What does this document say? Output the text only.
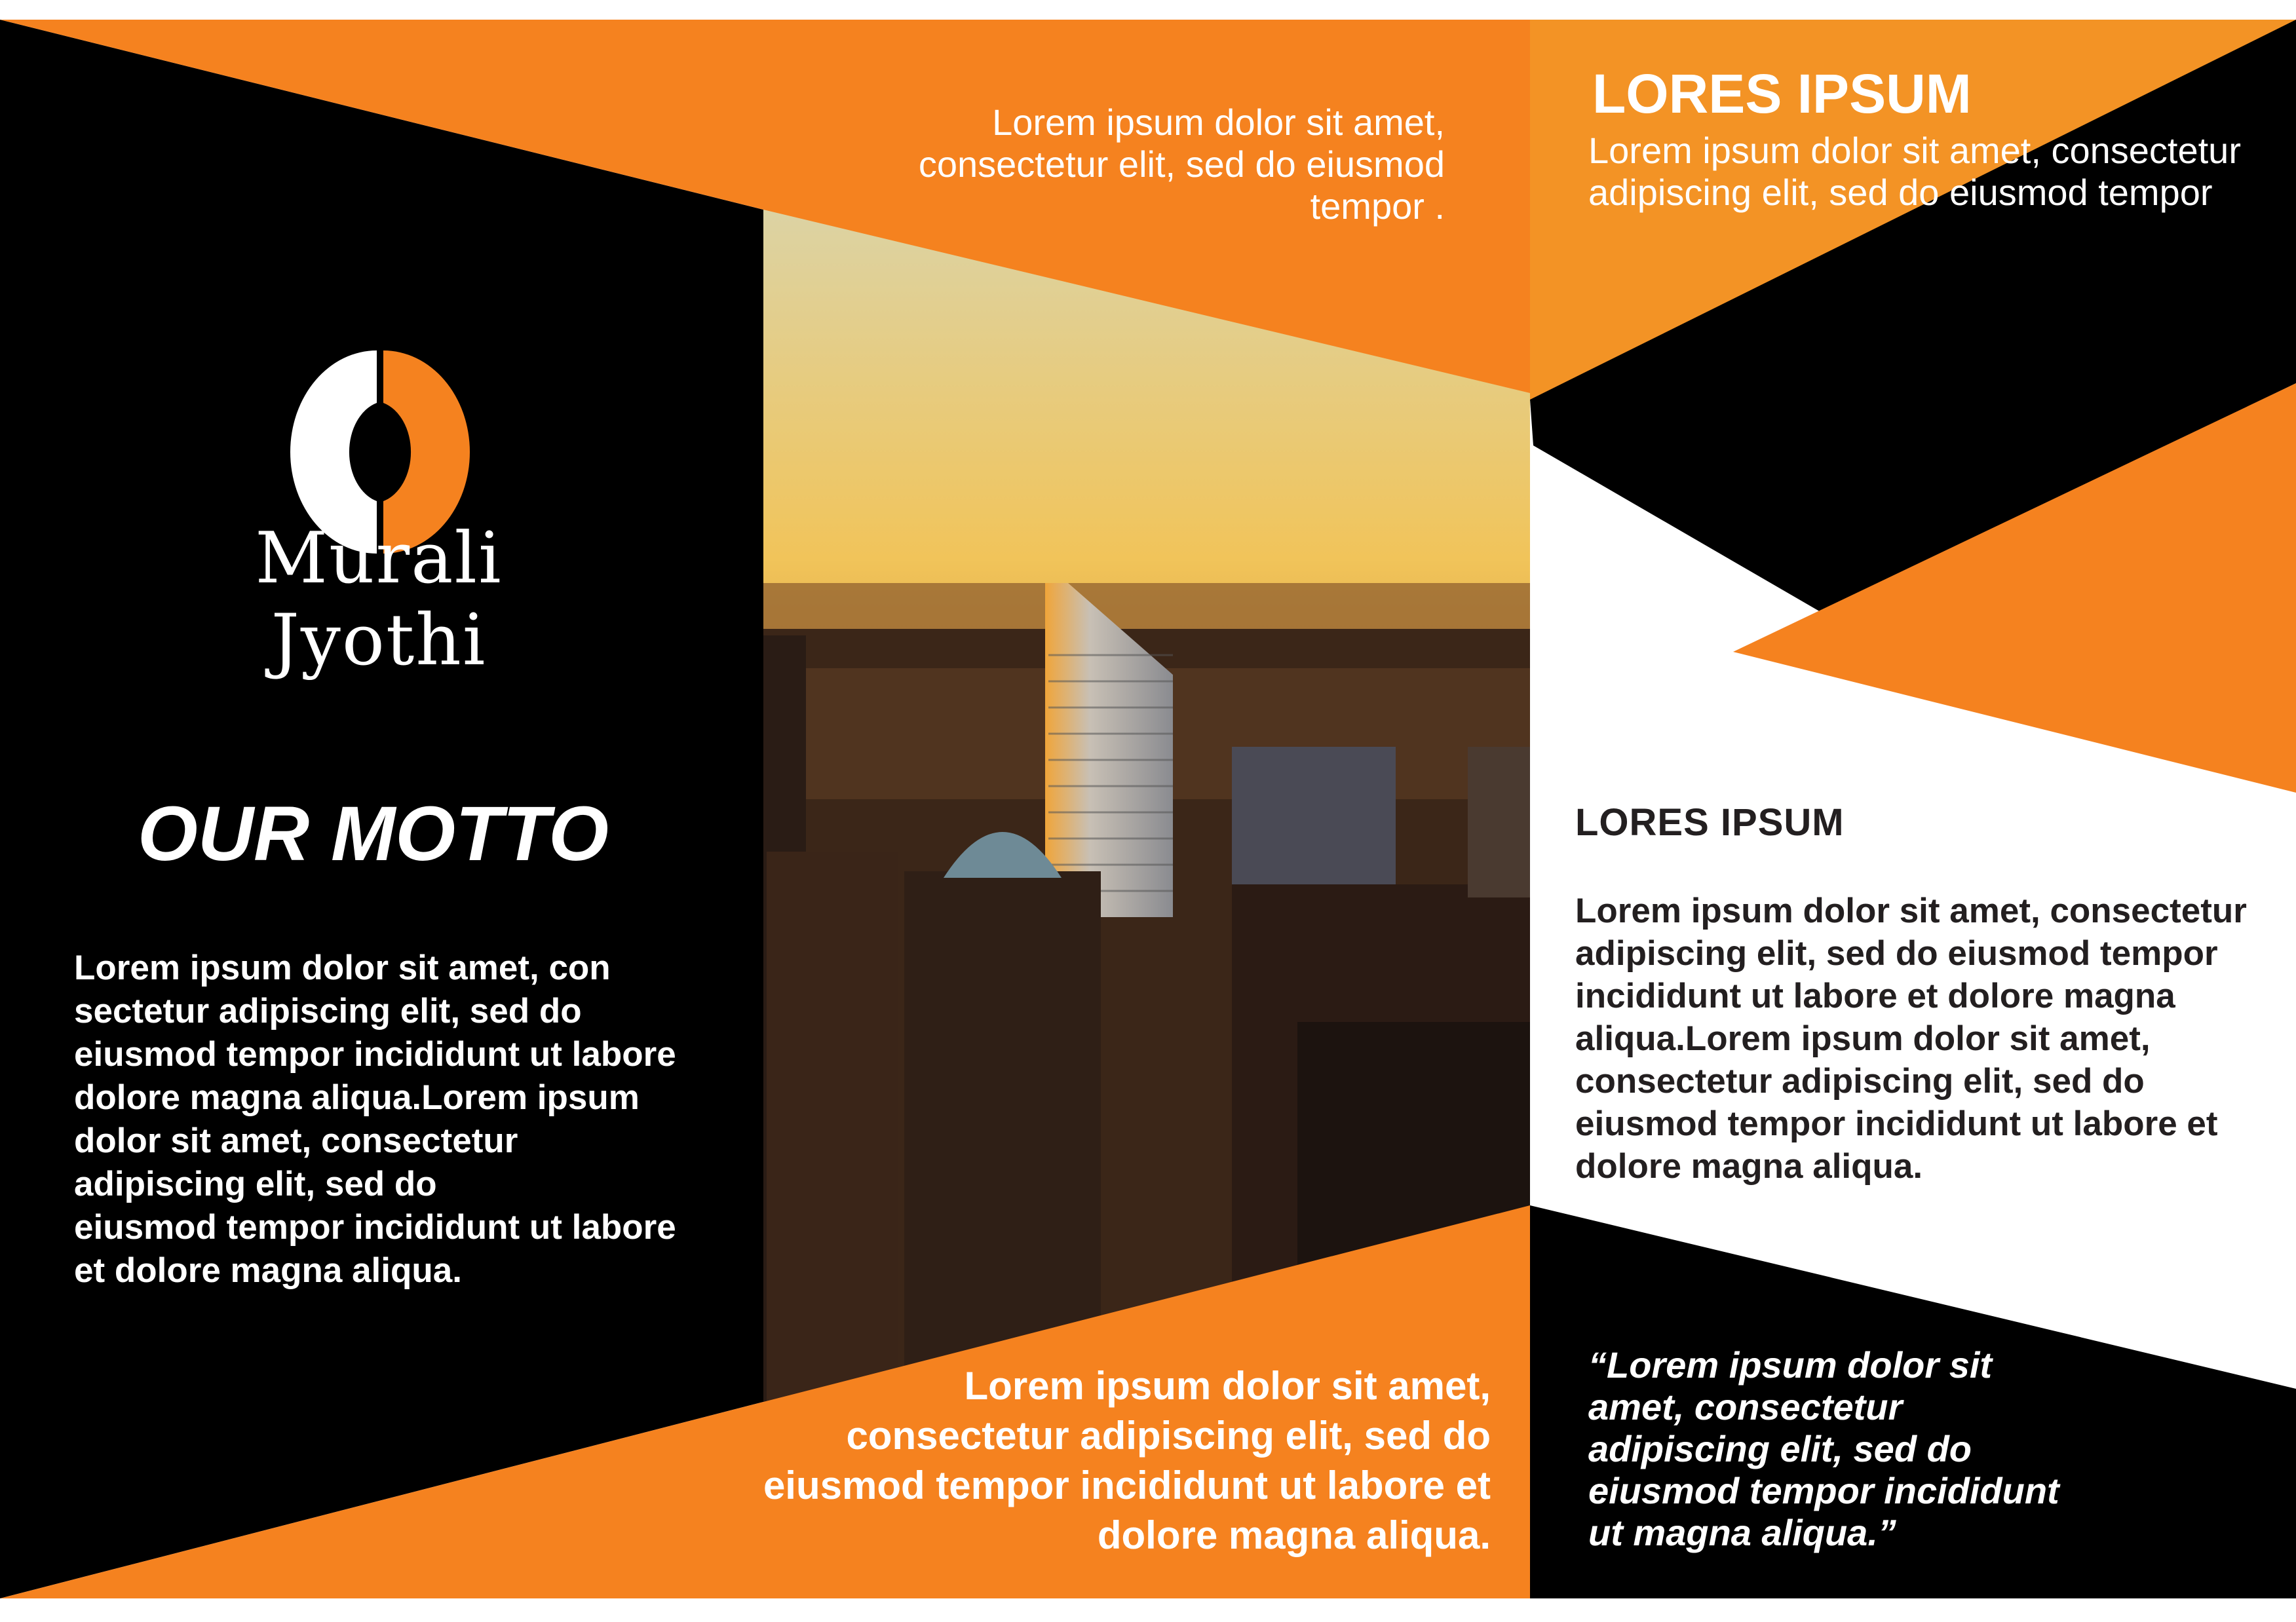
Murali Jyothi
OUR MOTTO

Lorem ipsum dolor sit amet, con
sectetur adipiscing elit, sed do
eiusmod tempor incididunt ut labore
dolore magna aliqua.Lorem ipsum
dolor sit amet, consectetur
adipiscing elit, sed do
eiusmod tempor incididunt ut labore
et dolore magna aliqua.

Lorem ipsum dolor sit amet, consectetur elit, sed do eiusmod tempor .

LORES IPSUM

Lorem ipsum dolor sit amet, consectetur adipiscing elit, sed do eiusmod tempor

LORES IPSUM

Lorem ipsum dolor sit amet, consectetur adipiscing elit, sed do eiusmod tempor incididunt ut labore et dolore magna aliqua.Lorem ipsum dolor sit amet, consectetur adipiscing elit, sed do eiusmod tempor incididunt ut labore et dolore magna aliqua.

Lorem ipsum dolor sit amet, consectetur adipiscing elit, sed do eiusmod tempor incididunt ut labore et dolore magna aliqua.

“Lorem ipsum dolor sit
amet, consectetur
adipiscing elit, sed do
eiusmod tempor incididunt
ut magna aliqua.”
